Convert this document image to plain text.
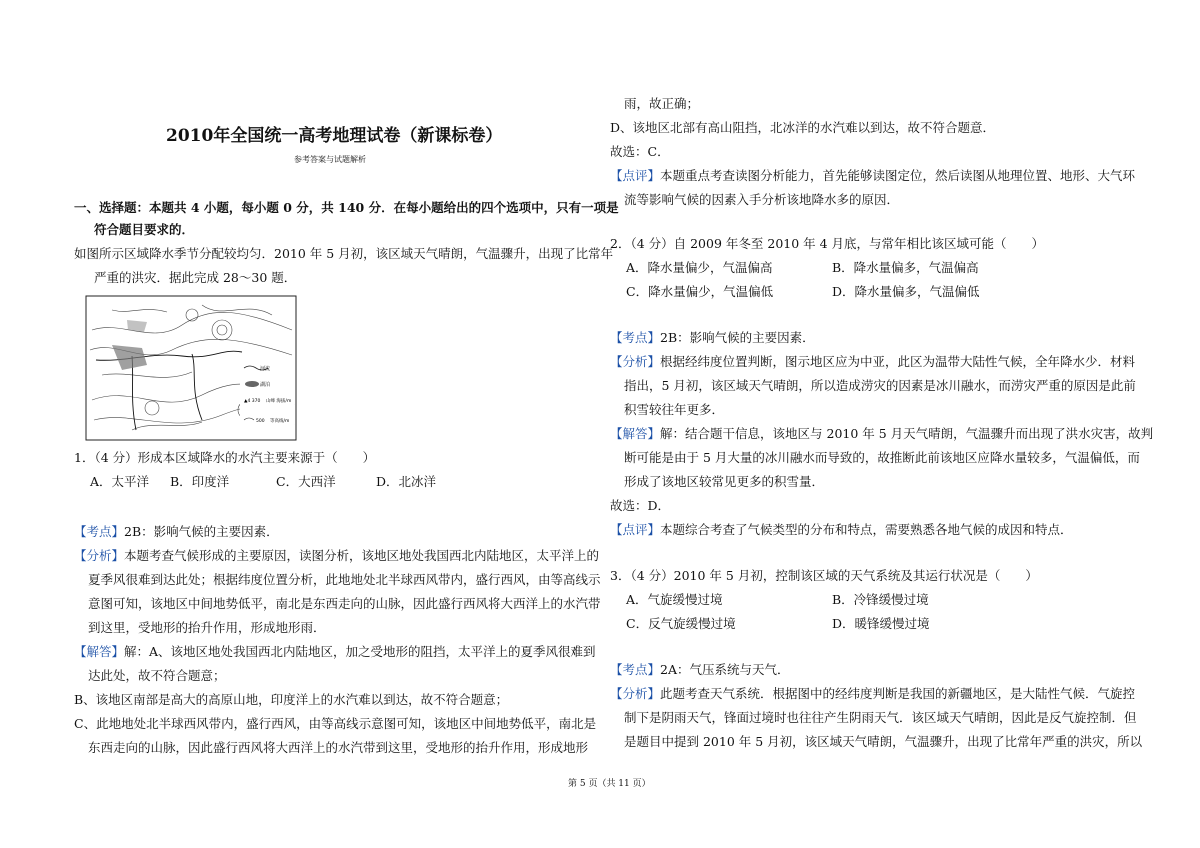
2010年全国统一高考地理试卷（新课标卷）
参考答案与试题解析
一、选择题：本题共 4 小题，每小题 0 分，共 140 分．在每小题给出的四个选项中，只有一项是
符合题目要求的．
如图所示区域降水季节分配较均匀．2010 年 5 月初，该区域天气晴朗，气温骤升，出现了比常年
严重的洪灾．据此完成 28～30 题．
河流
湖泊
▲4 370 山峰 海拔/m
500 等高线/m
1．（4 分）形成本区域降水的水汽主要来源于（　　）
A．太平洋 B．印度洋	C．大西洋	D．北冰洋
【考点】2B：影响气候的主要因素．
【分析】本题考查气候形成的主要原因，读图分析，该地区地处我国西北内陆地区，太平洋上的
夏季风很难到达此处；根据纬度位置分析，此地地处北半球西风带内，盛行西风，由等高线示
意图可知，该地区中间地势低平，南北是东西走向的山脉，因此盛行西风将大西洋上的水汽带
到这里，受地形的抬升作用，形成地形雨．
【解答】解：A、该地区地处我国西北内陆地区，加之受地形的阻挡，太平洋上的夏季风很难到
达此处，故不符合题意；
B、该地区南部是高大的高原山地，印度洋上的水汽难以到达，故不符合题意；
C、此地地处北半球西风带内，盛行西风，由等高线示意图可知，该地区中间地势低平，南北是
东西走向的山脉，因此盛行西风将大西洋上的水汽带到这里，受地形的抬升作用，形成地形
雨，故正确；
D、该地区北部有高山阻挡，北冰洋的水汽难以到达，故不符合题意．
故选：C．
【点评】本题重点考查读图分析能力，首先能够读图定位，然后读图从地理位置、地形、大气环
流等影响气候的因素入手分析该地降水多的原因．
2．（4 分）自 2009 年冬至 2010 年 4 月底，与常年相比该区域可能（　　）
A．降水量偏少，气温偏高	B．降水量偏多，气温偏高
C．降水量偏少，气温偏低	D．降水量偏多，气温偏低
【考点】2B：影响气候的主要因素．
【分析】根据经纬度位置判断，图示地区应为中亚，此区为温带大陆性气候，全年降水少．材料
指出，5 月初，该区域天气晴朗，所以造成涝灾的因素是冰川融水，而涝灾严重的原因是此前
积雪较往年更多．
【解答】解：结合题干信息，该地区与 2010 年 5 月天气晴朗，气温骤升而出现了洪水灾害，故判
断可能是由于 5 月大量的冰川融水而导致的，故推断此前该地区应降水量较多，气温偏低，而
形成了该地区较常见更多的积雪量．
故选：D．
【点评】本题综合考查了气候类型的分布和特点，需要熟悉各地气候的成因和特点．
3．（4 分）2010 年 5 月初，控制该区域的天气系统及其运行状况是（　　）
A．气旋缓慢过境	B．冷锋缓慢过境
C．反气旋缓慢过境	D．暖锋缓慢过境
【考点】2A：气压系统与天气．
【分析】此题考查天气系统．根据图中的经纬度判断是我国的新疆地区，是大陆性气候．气旋控
制下是阴雨天气，锋面过境时也往往产生阴雨天气．该区域天气晴朗，因此是反气旋控制．但
是题目中提到 2010 年 5 月初，该区域天气晴朗，气温骤升，出现了比常年严重的洪灾，所以
第 5 页（共 11 页）
